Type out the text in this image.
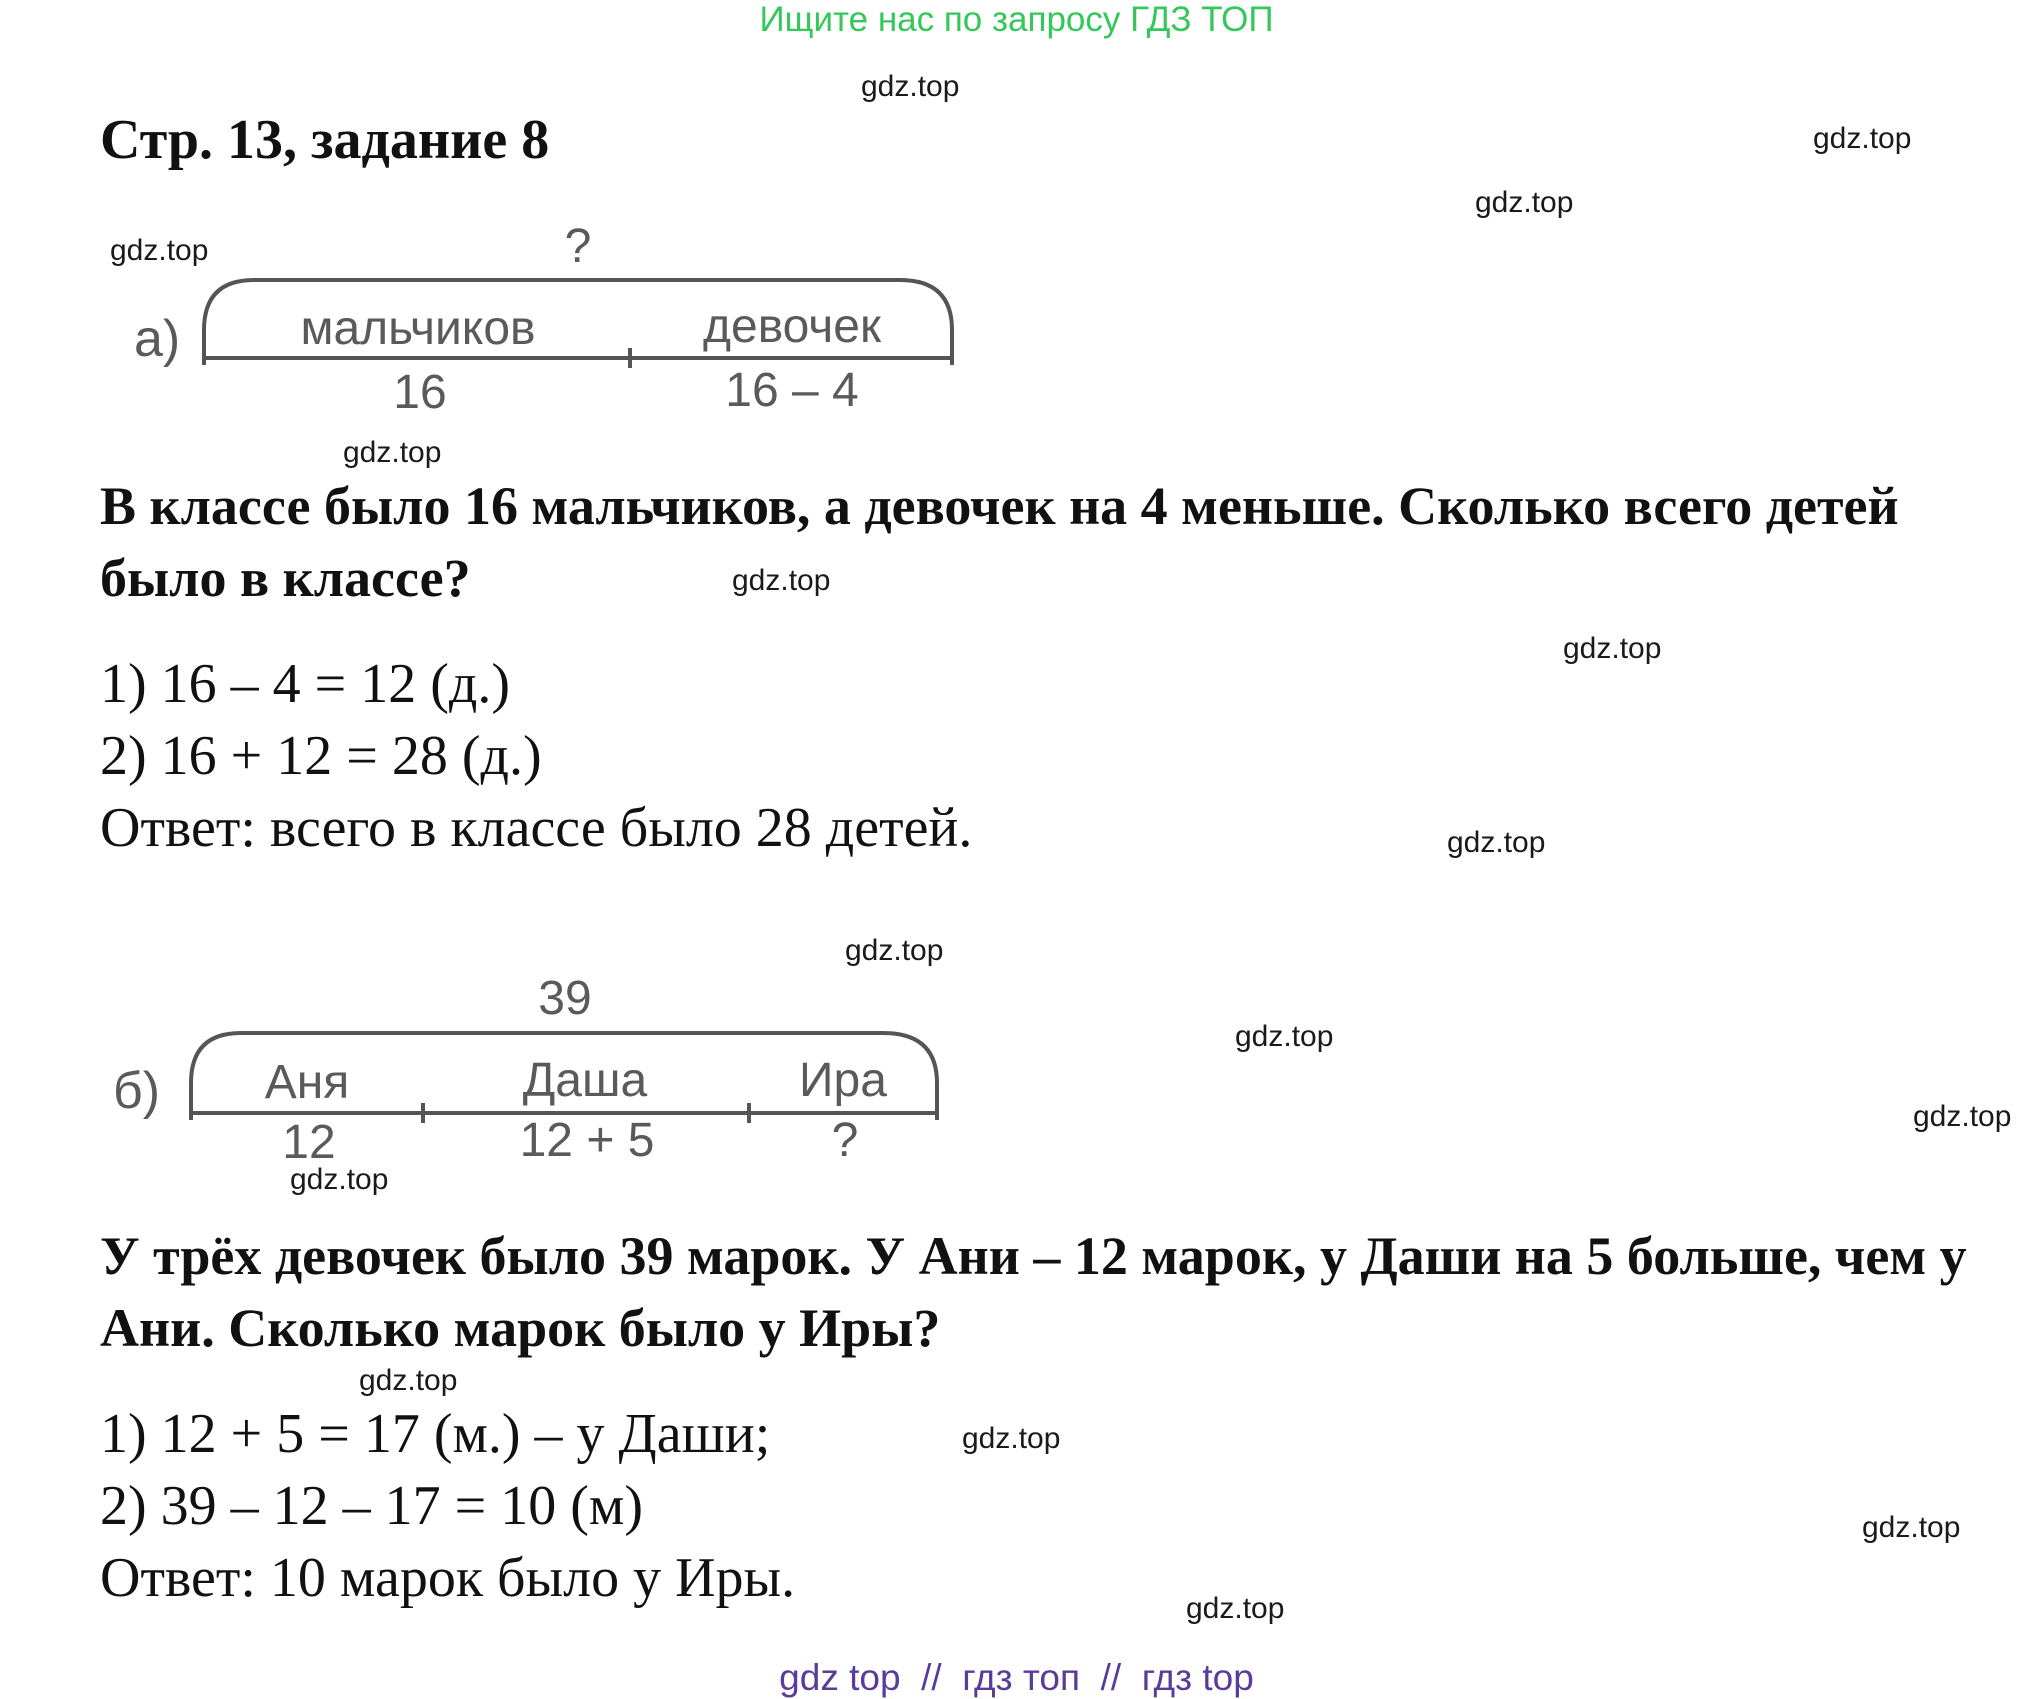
Ищите нас по запросу ГДЗ ТОП
Стр. 13, задание 8
gdz.top
gdz.top
gdz.top
gdz.top
gdz.top
gdz.top
gdz.top
gdz.top
gdz.top
gdz.top
gdz.top
gdz.top
gdz.top
gdz.top
gdz.top
gdz.top
а)
?
мальчиков	девочек
16	16 – 4
В классе было 16 мальчиков, а девочек на 4 меньше. Сколько всего детей было в классе?
1) 16 – 4 = 12 (д.)
2) 16 + 12 = 28 (д.)
Ответ: всего в классе было 28 детей.
б)
39
Аня	Даша	Ира
12	12 + 5	?
У трёх девочек было 39 марок. У Ани – 12 марок, у Даши на 5 больше, чем у Ани. Сколько марок было у Иры?
1) 12 + 5 = 17 (м.) – у Даши;
2) 39 – 12 – 17 = 10 (м)
Ответ: 10 марок было у Иры.
gdz top  //  гдз топ  //  гдз top
